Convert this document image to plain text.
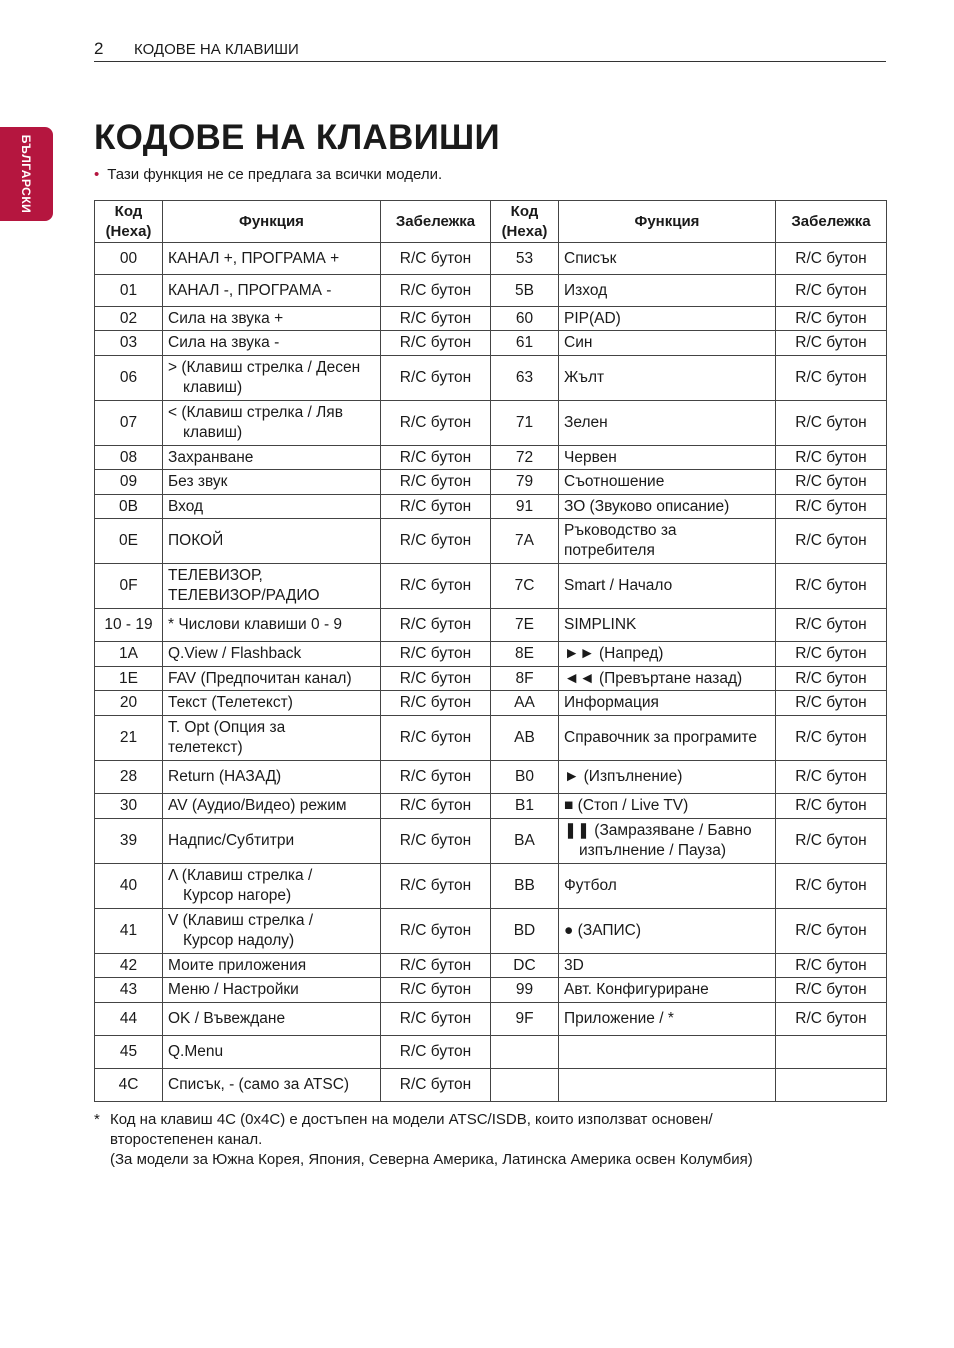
2 КОДОВЕ НА КЛАВИШИ
БЪЛГАРСКИ КОДОВЕ НА КЛАВИШИ
• Тази функция не се предлага за всички модели.
Код (Hexa)	Функция	Забележка	Код (Hexa)	Функция	Забележка
00	КАНАЛ +, ПРОГРАМА +	R/C бутон	53	Списък	R/C бутон
01	КАНАЛ -, ПРОГРАМА -	R/C бутон	5B	Изход	R/C бутон
02	Сила на звука +	R/C бутон	60	PIP(AD)	R/C бутон
03	Сила на звука -	R/C бутон	61	Син	R/C бутон
06	> (Клавиш стрелка / Десен
клавиш)	R/C бутон	63	Жълт	R/C бутон
07	< (Клавиш стрелка / Ляв
клавиш)	R/C бутон	71	Зелен	R/C бутон
08	Захранване	R/C бутон	72	Червен	R/C бутон
09	Без звук	R/C бутон	79	Съотношение	R/C бутон
0B	Вход	R/C бутон	91	ЗО (Звуково описание)	R/C бутон
0E	ПОКОЙ	R/C бутон	7A	Ръководство за
потребителя	R/C бутон
0F	ТЕЛЕВИЗОР,
ТЕЛЕВИЗОР/РАДИО	R/C бутон	7C	Smart / Начало	R/C бутон
10 - 19	* Числови клавиши 0 - 9	R/C бутон	7E	SIMPLINK	R/C бутон
1A	Q.View / Flashback	R/C бутон	8E	►► (Напред)	R/C бутон
1E	FAV (Предпочитан канал)	R/C бутон	8F	◄◄ (Превъртане назад)	R/C бутон
20	Текст (Телетекст)	R/C бутон	AA	Информация	R/C бутон
21	T. Opt (Опция за
телетекст)	R/C бутон	AB	Справочник за програмите	R/C бутон
28	Return (НАЗАД)	R/C бутон	B0	► (Изпълнение)	R/C бутон
30	AV (Аудио/Видео) режим	R/C бутон	B1	■ (Стоп / Live TV)	R/C бутон
39	Надпис/Субтитри	R/C бутон	BA	❚❚ (Замразяване / Бавно
изпълнение / Пауза)	R/C бутон
40	Λ (Клавиш стрелка /
Курсор нагоре)	R/C бутон	BB	Футбол	R/C бутон
41	V (Клавиш стрелка /
Курсор надолу)	R/C бутон	BD	● (ЗАПИС)	R/C бутон
42	Моите приложения	R/C бутон	DC	3D	R/C бутон
43	Меню / Настройки	R/C бутон	99	Авт. Конфигуриране	R/C бутон
44	OK / Въвеждане	R/C бутон	9F	Приложение / *	R/C бутон
45	Q.Menu	R/C бутон			
4C	Списък, - (само за ATSC)	R/C бутон			
* Код на клавиш 4C (0x4C) е достъпен на модели ATSC/ISDB, които използват основен/
второстепенен канал.
(За модели за Южна Корея, Япония, Северна Америка, Латинска Америка освен Колумбия)
